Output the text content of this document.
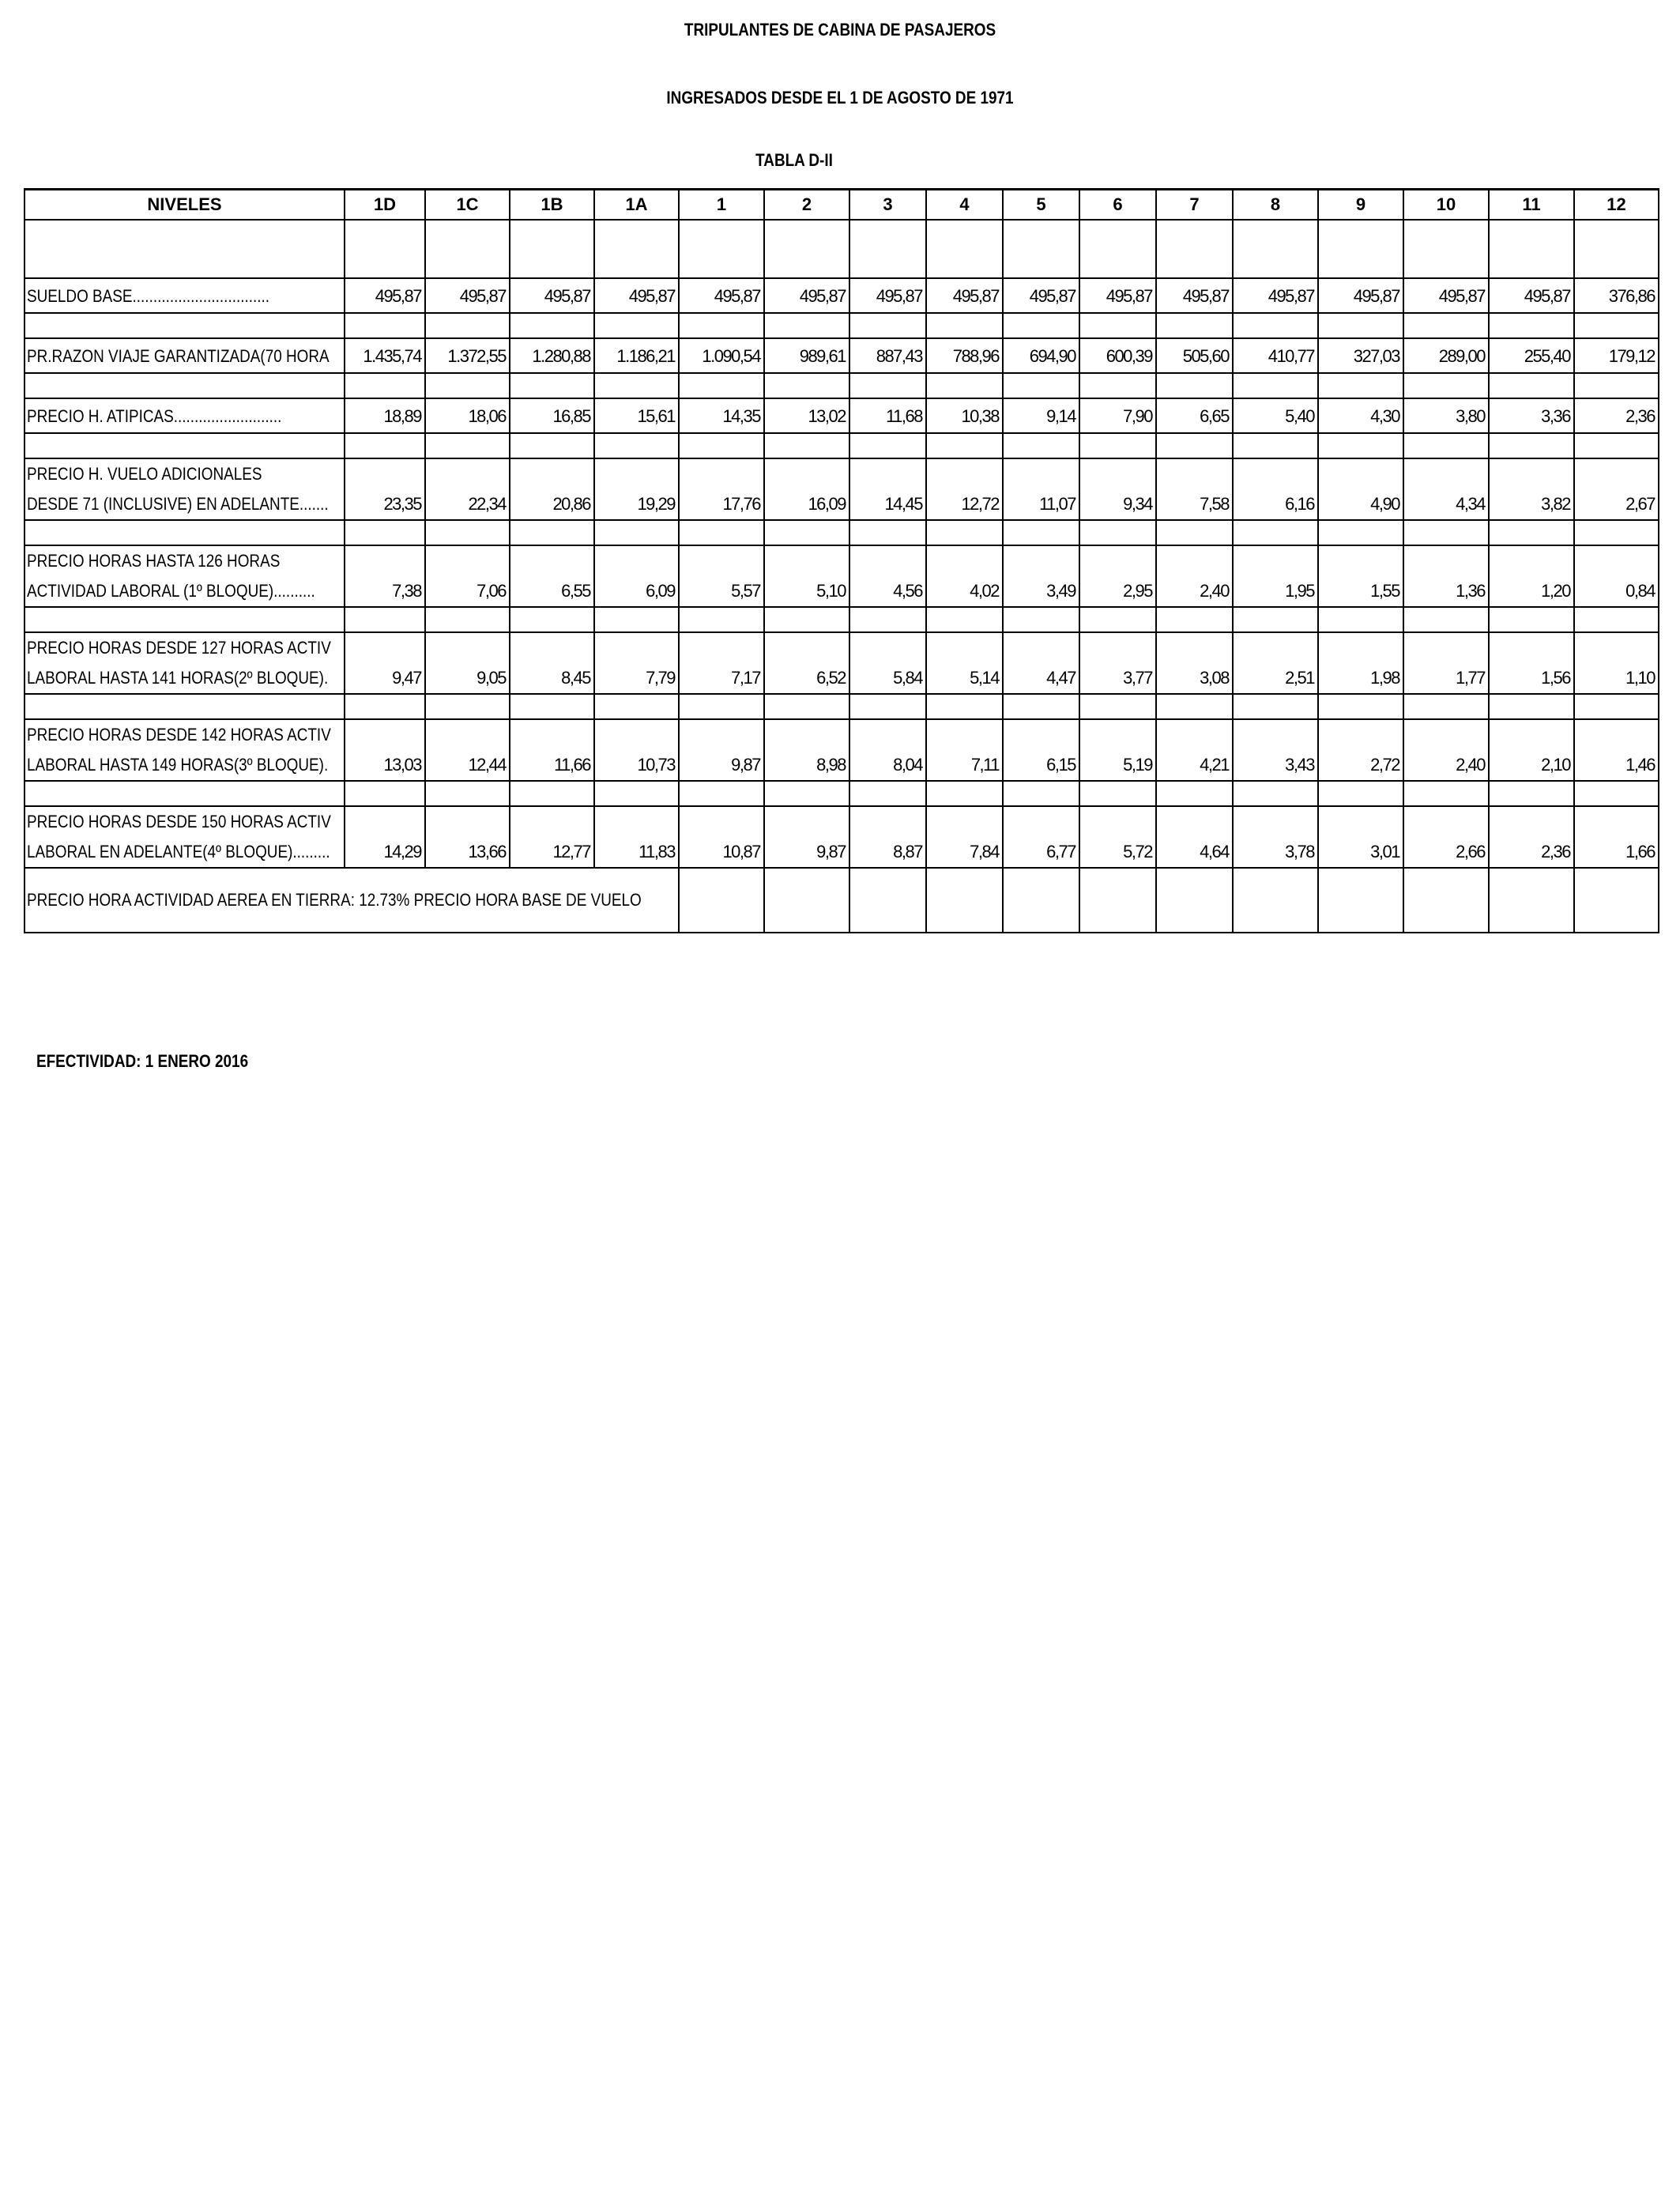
TRIPULANTES DE CABINA DE PASAJEROS
INGRESADOS DESDE EL 1 DE AGOSTO DE 1971
TABLA D-II
NIVELES	1D	1C	1B	1A	1	2	3	4	5	6	7	8	9	10	11	12

SUELDO BASE.................................	495,87	495,87	495,87	495,87	495,87	495,87	495,87	495,87	495,87	495,87	495,87	495,87	495,87	495,87	495,87	376,86

PR.RAZON VIAJE GARANTIZADA(70 HORA	1.435,74	1.372,55	1.280,88	1.186,21	1.090,54	989,61	887,43	788,96	694,90	600,39	505,60	410,77	327,03	289,00	255,40	179,12

PRECIO H. ATIPICAS..........................	18,89	18,06	16,85	15,61	14,35	13,02	11,68	10,38	9,14	7,90	6,65	5,40	4,30	3,80	3,36	2,36

PRECIO H. VUELO ADICIONALES
DESDE 71 (INCLUSIVE) EN ADELANTE.......	23,35	22,34	20,86	19,29	17,76	16,09	14,45	12,72	11,07	9,34	7,58	6,16	4,90	4,34	3,82	2,67

PRECIO HORAS HASTA 126 HORAS
ACTIVIDAD LABORAL (1º BLOQUE)..........	7,38	7,06	6,55	6,09	5,57	5,10	4,56	4,02	3,49	2,95	2,40	1,95	1,55	1,36	1,20	0,84

PRECIO HORAS DESDE 127 HORAS ACTIV
LABORAL HASTA 141 HORAS(2º BLOQUE).	9,47	9,05	8,45	7,79	7,17	6,52	5,84	5,14	4,47	3,77	3,08	2,51	1,98	1,77	1,56	1,10

PRECIO HORAS DESDE 142 HORAS ACTIV
LABORAL HASTA 149 HORAS(3º BLOQUE).	13,03	12,44	11,66	10,73	9,87	8,98	8,04	7,11	6,15	5,19	4,21	3,43	2,72	2,40	2,10	1,46

PRECIO HORAS DESDE 150 HORAS ACTIV
LABORAL EN ADELANTE(4º BLOQUE).........	14,29	13,66	12,77	11,83	10,87	9,87	8,87	7,84	6,77	5,72	4,64	3,78	3,01	2,66	2,36	1,66
PRECIO HORA ACTIVIDAD AEREA EN TIERRA: 12.73% PRECIO HORA BASE DE VUELO																
EFECTIVIDAD: 1 ENERO 2016
